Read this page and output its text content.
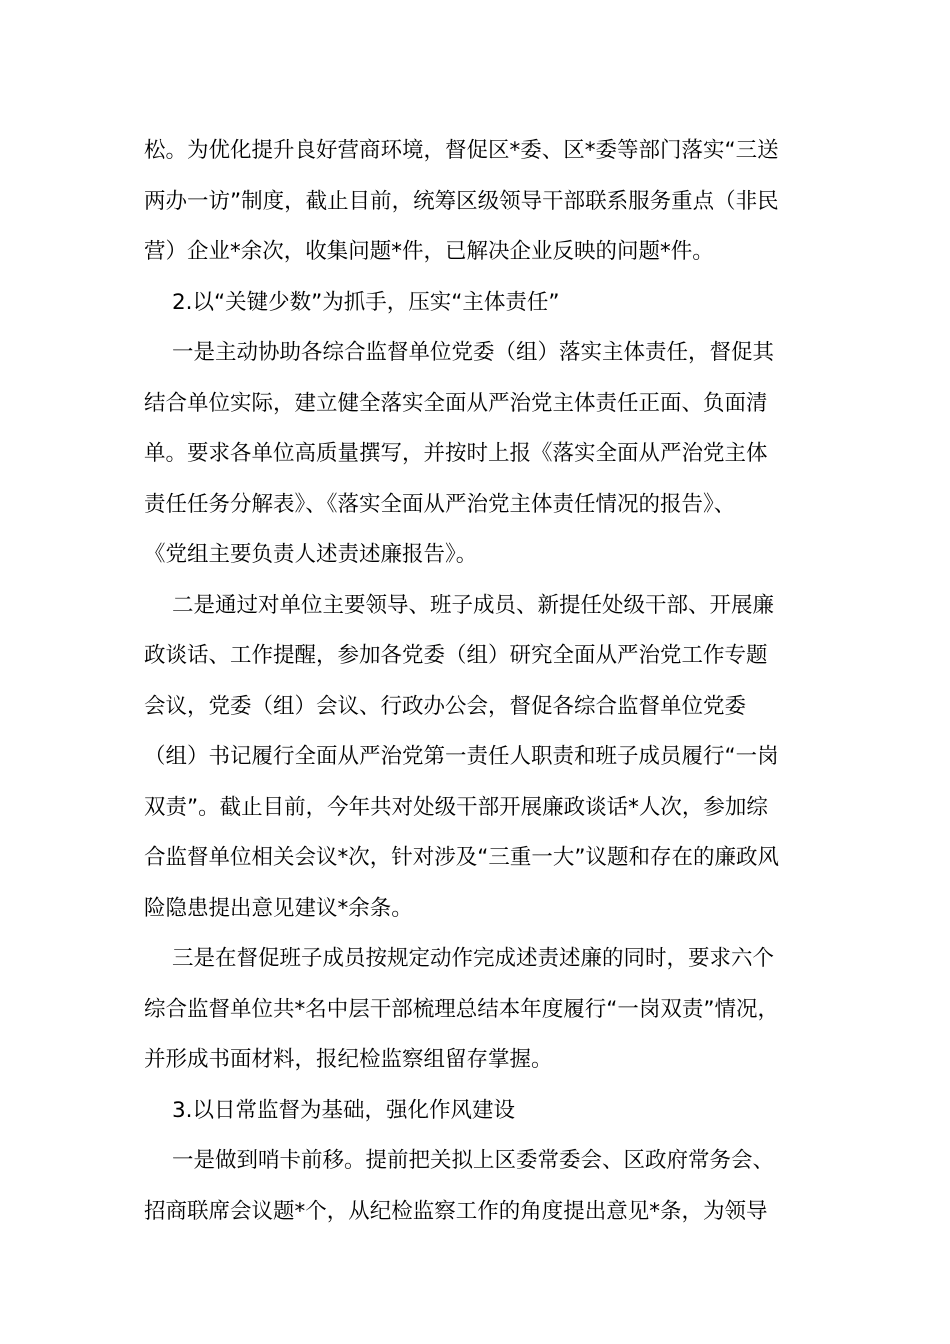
松。为优化提升良好营商环境，督促区*委、区*委等部门落实“三送
两办一访”制度，截止目前，统筹区级领导干部联系服务重点（非民
营）企业*余次，收集问题*件，已解决企业反映的问题*件。
2.以“关键少数”为抓手，压实“主体责任”
一是主动协助各综合监督单位党委（组）落实主体责任，督促其
结合单位实际，建立健全落实全面从严治党主体责任正面、负面清
单。要求各单位高质量撰写，并按时上报《落实全面从严治党主体
责任任务分解表》、《落实全面从严治党主体责任情况的报告》、
《党组主要负责人述责述廉报告》。
二是通过对单位主要领导、班子成员、新提任处级干部、开展廉
政谈话、工作提醒，参加各党委（组）研究全面从严治党工作专题
会议，党委（组）会议、行政办公会，督促各综合监督单位党委
（组）书记履行全面从严治党第一责任人职责和班子成员履行“一岗
双责”。截止目前，今年共对处级干部开展廉政谈话*人次，参加综
合监督单位相关会议*次，针对涉及“三重一大”议题和存在的廉政风
险隐患提出意见建议*余条。
三是在督促班子成员按规定动作完成述责述廉的同时，要求六个
综合监督单位共*名中层干部梳理总结本年度履行“一岗双责”情况，
并形成书面材料，报纪检监察组留存掌握。
3.以日常监督为基础，强化作风建设
一是做到哨卡前移。提前把关拟上区委常委会、区政府常务会、
招商联席会议题*个，从纪检监察工作的角度提出意见*条，为领导
